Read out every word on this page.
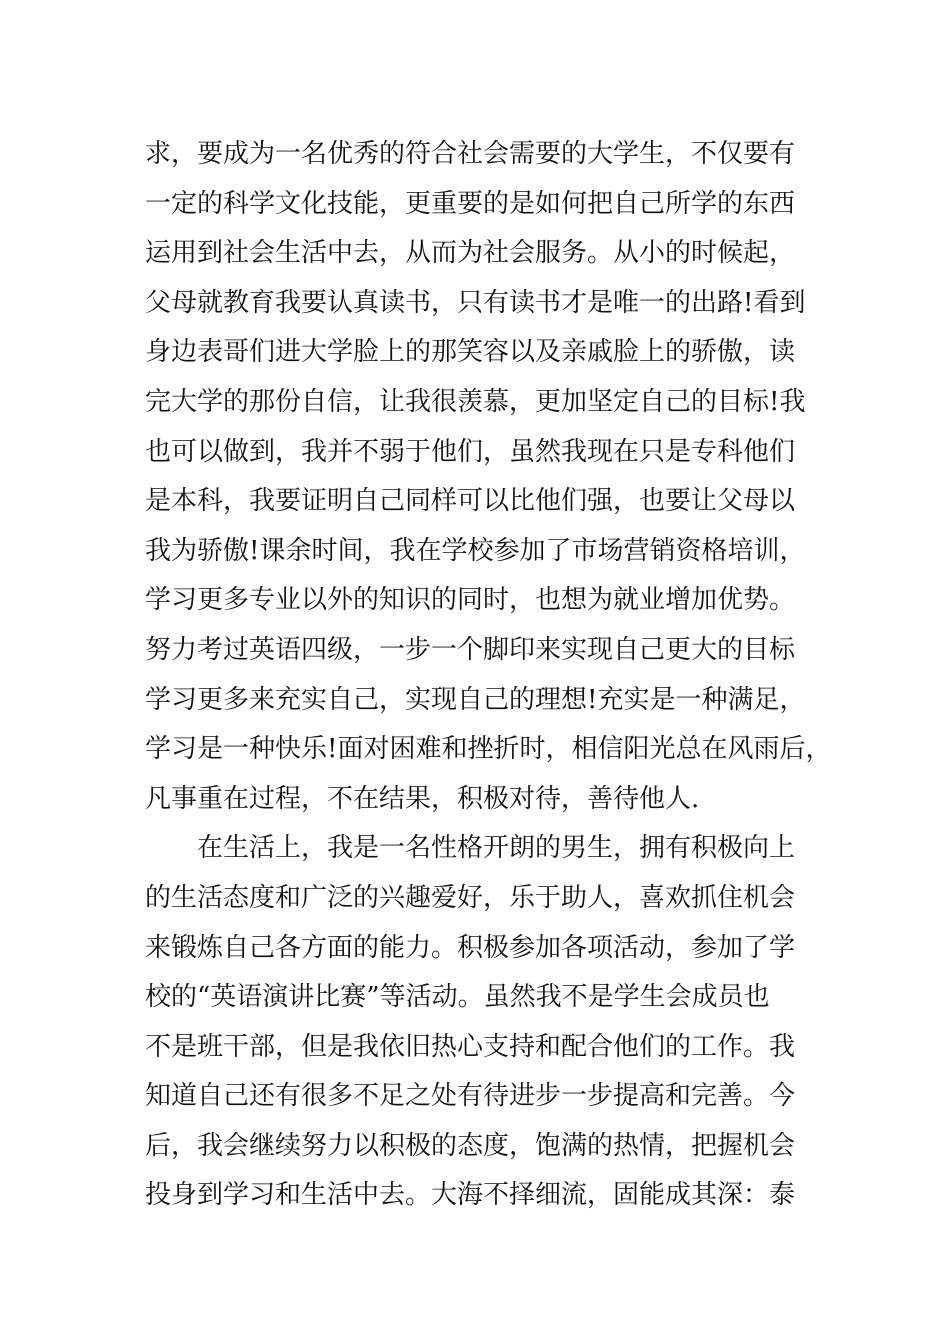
求，要成为一名优秀的符合社会需要的大学生，不仅要有
一定的科学文化技能，更重要的是如何把自己所学的东西
运用到社会生活中去，从而为社会服务。从小的时候起，
父母就教育我要认真读书，只有读书才是唯一的出路!看到
身边表哥们进大学脸上的那笑容以及亲戚脸上的骄傲，读
完大学的那份自信，让我很羡慕，更加坚定自己的目标!我
也可以做到，我并不弱于他们，虽然我现在只是专科他们
是本科，我要证明自己同样可以比他们强，也要让父母以
我为骄傲!课余时间，我在学校参加了市场营销资格培训，
学习更多专业以外的知识的同时，也想为就业增加优势。
努力考过英语四级，一步一个脚印来实现自己更大的目标
学习更多来充实自己，实现自己的理想!充实是一种满足，
学习是一种快乐!面对困难和挫折时，相信阳光总在风雨后，
凡事重在过程，不在结果，积极对待，善待他人.
在生活上，我是一名性格开朗的男生，拥有积极向上
的生活态度和广泛的兴趣爱好，乐于助人，喜欢抓住机会
来锻炼自己各方面的能力。积极参加各项活动，参加了学
校的“英语演讲比赛”等活动。虽然我不是学生会成员也
不是班干部，但是我依旧热心支持和配合他们的工作。我
知道自己还有很多不足之处有待进步一步提高和完善。今
后，我会继续努力以积极的态度，饱满的热情，把握机会
投身到学习和生活中去。大海不择细流，固能成其深：泰
